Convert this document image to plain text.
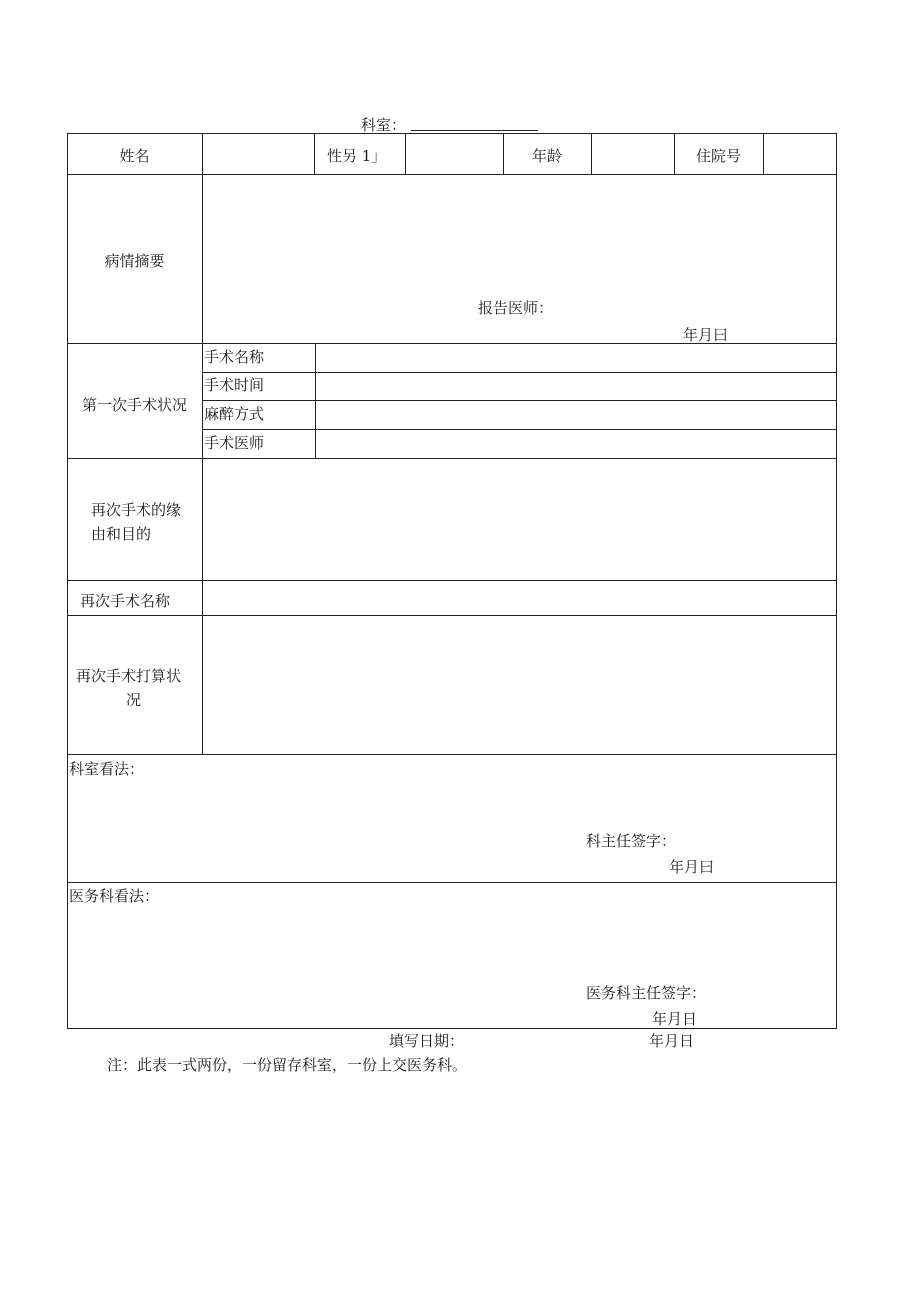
科室：
姓名	性另 1」	年龄	住院号
病情摘要
报告医师：
年月曰
第一次手术状况
手术名称
手术时间
麻醉方式
手术医师
再次手术的缘
由和目的
再次手术名称
再次手术打算状
况
科室看法：
科主任签字：
年月曰
医务科看法：
医务科主任签字：
年月日
填写日期：	年月日
注：此表一式两份，一份留存科室，一份上交医务科。
